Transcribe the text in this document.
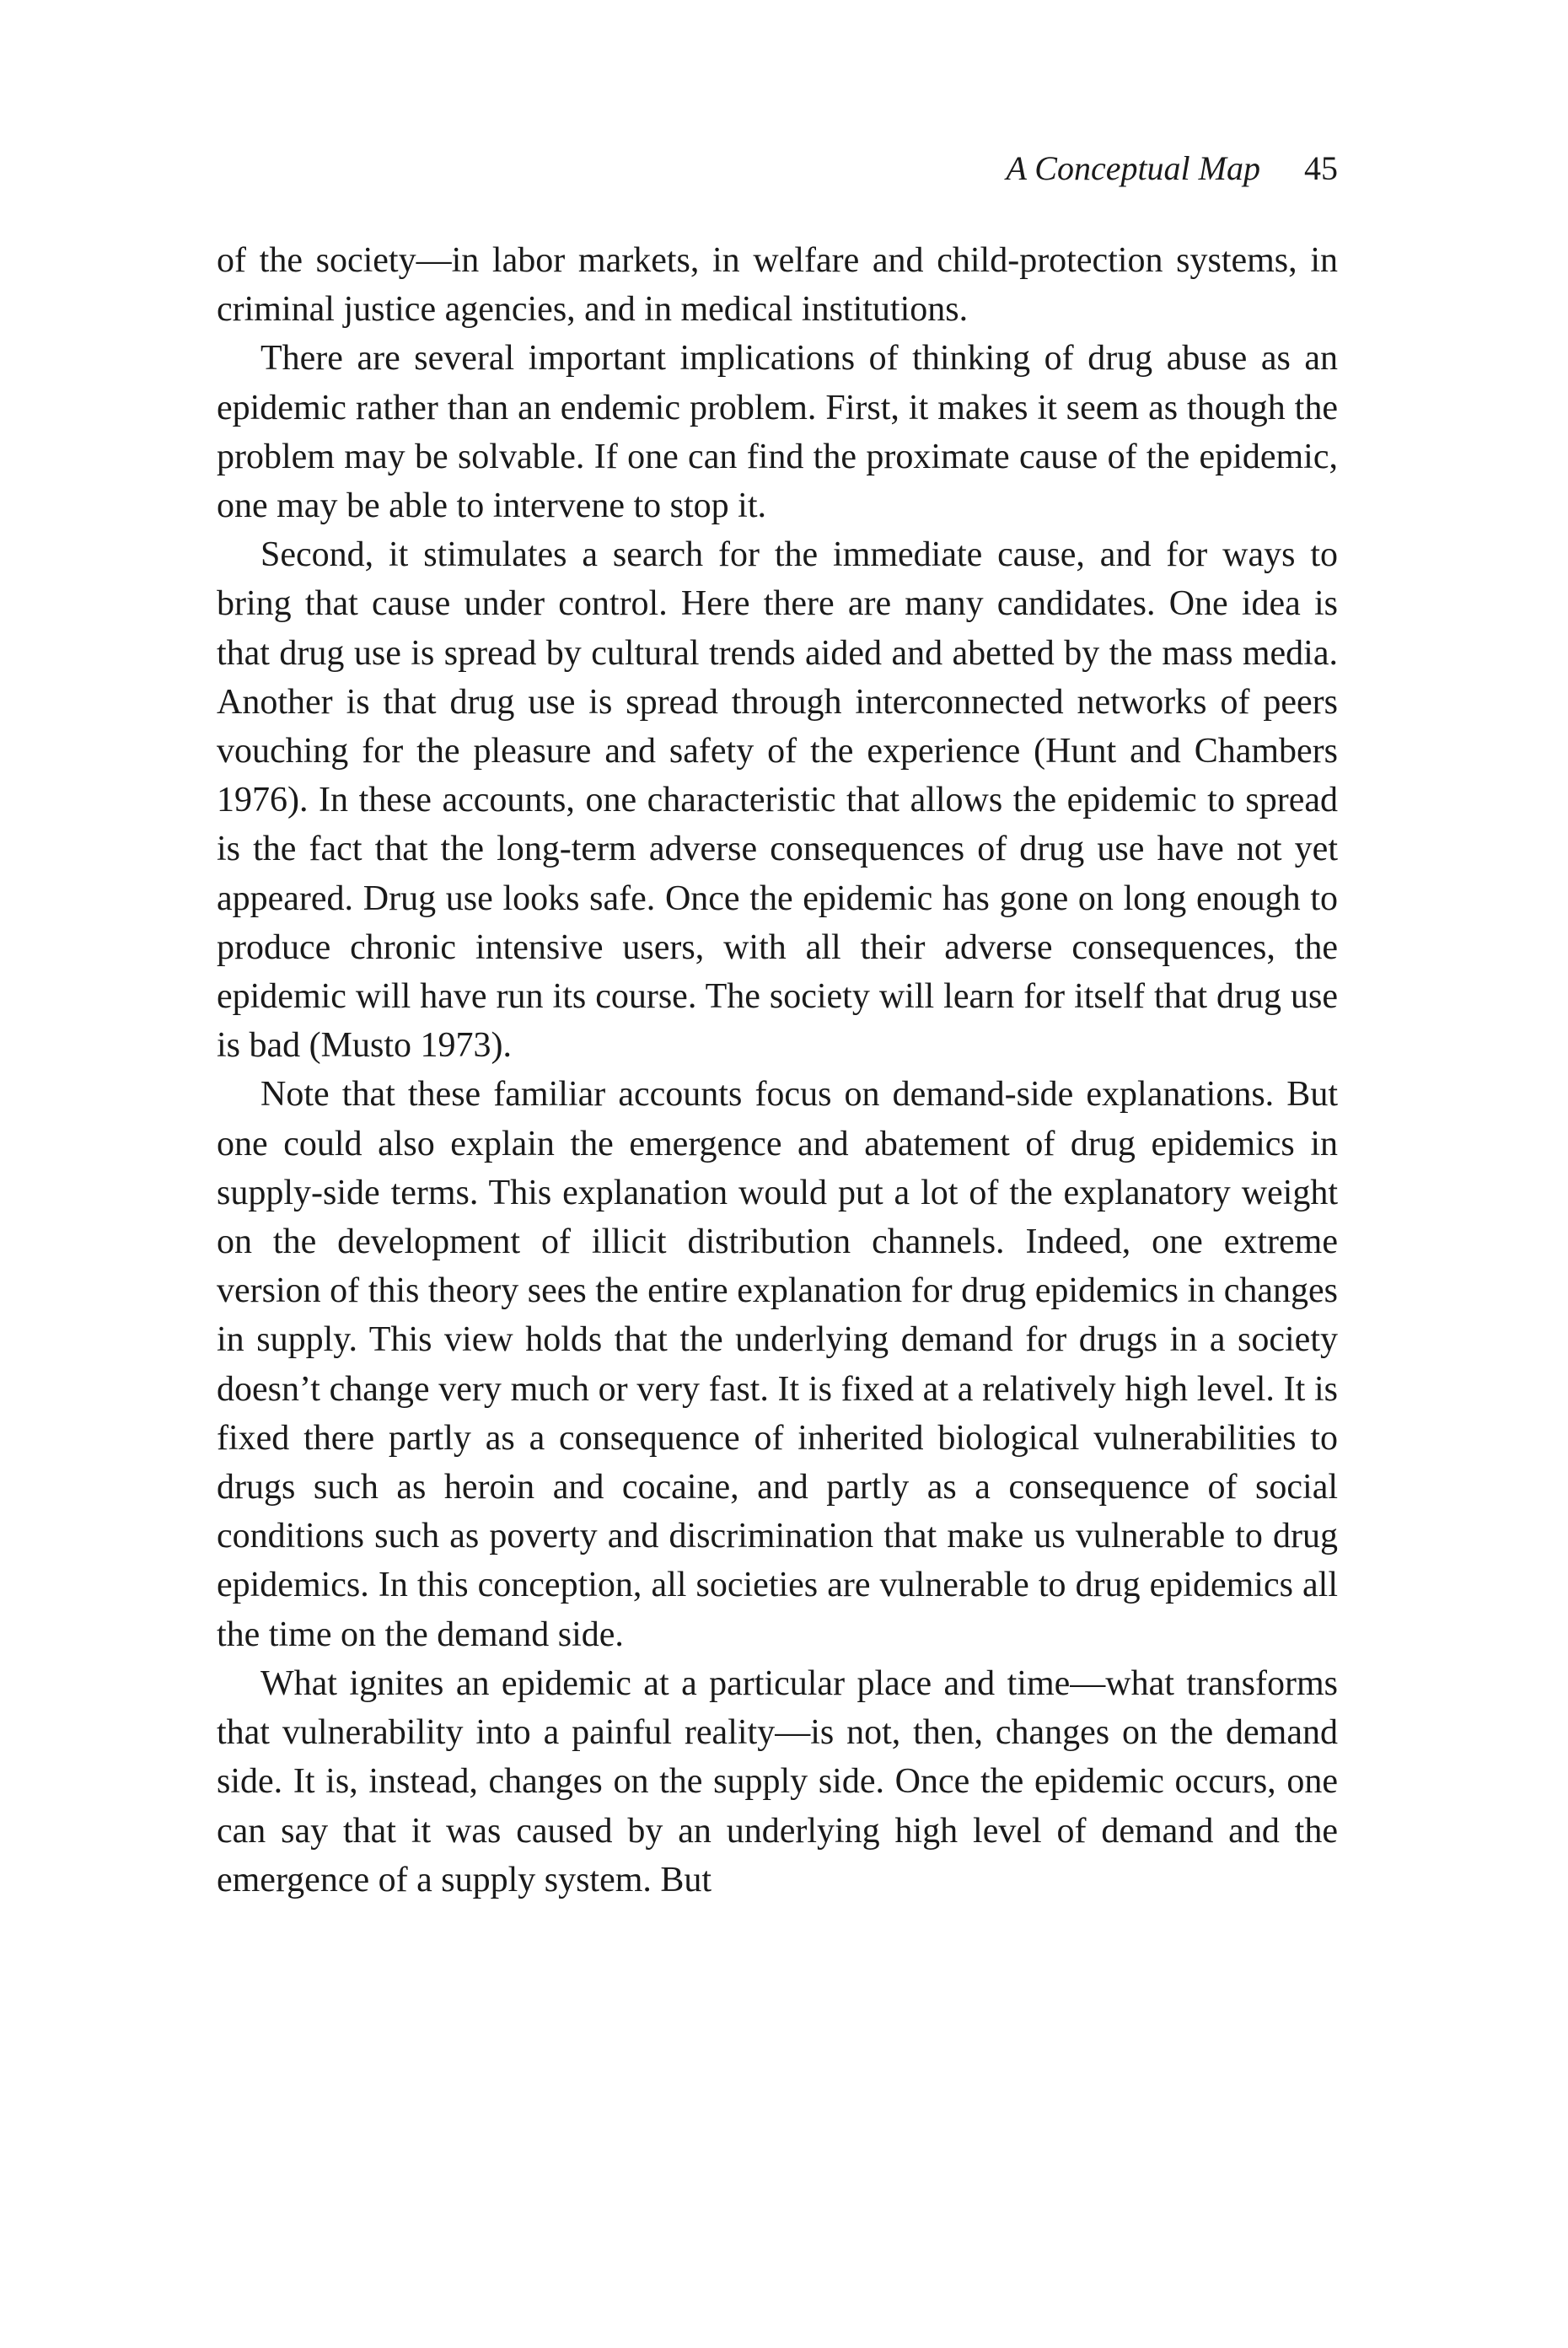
A Conceptual Map 45

of the society—in labor markets, in welfare and child-protection systems, in criminal justice agencies, and in medical institutions.

There are several important implications of thinking of drug abuse as an epidemic rather than an endemic problem. First, it makes it seem as though the problem may be solvable. If one can find the proximate cause of the epidemic, one may be able to intervene to stop it.

Second, it stimulates a search for the immediate cause, and for ways to bring that cause under control. Here there are many candidates. One idea is that drug use is spread by cultural trends aided and abetted by the mass media. Another is that drug use is spread through interconnected networks of peers vouching for the pleasure and safety of the experience (Hunt and Chambers 1976). In these accounts, one characteristic that allows the epidemic to spread is the fact that the long-term adverse consequences of drug use have not yet appeared. Drug use looks safe. Once the epidemic has gone on long enough to produce chronic intensive users, with all their adverse consequences, the epidemic will have run its course. The society will learn for itself that drug use is bad (Musto 1973).

Note that these familiar accounts focus on demand-side explanations. But one could also explain the emergence and abatement of drug epidemics in supply-side terms. This explanation would put a lot of the explanatory weight on the development of illicit distribution channels. Indeed, one extreme version of this theory sees the entire explanation for drug epidemics in changes in supply. This view holds that the underlying demand for drugs in a society doesn’t change very much or very fast. It is fixed at a relatively high level. It is fixed there partly as a consequence of inherited biological vulnerabilities to drugs such as heroin and cocaine, and partly as a consequence of social conditions such as poverty and discrimination that make us vulnerable to drug epidemics. In this conception, all societies are vulnerable to drug epidemics all the time on the demand side.

What ignites an epidemic at a particular place and time—what transforms that vulnerability into a painful reality—is not, then, changes on the demand side. It is, instead, changes on the supply side. Once the epidemic occurs, one can say that it was caused by an underlying high level of demand and the emergence of a supply system. But
